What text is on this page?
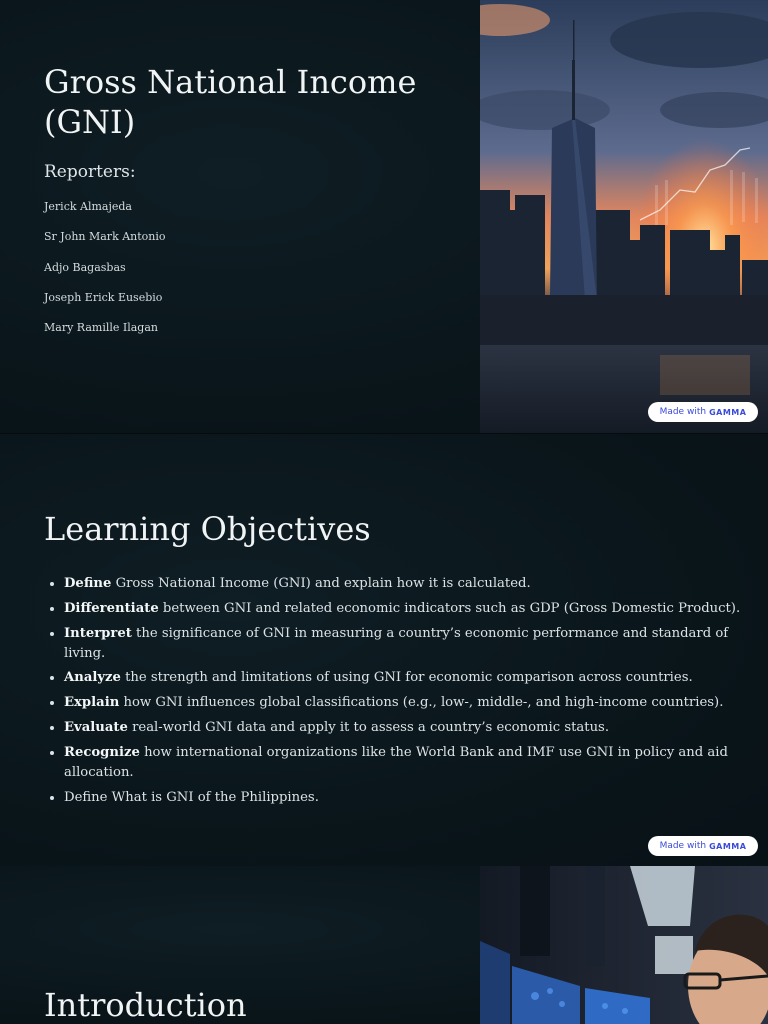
Gross National Income (GNI)
Reporters:
Jerick Almajeda
Sr John Mark Antonio
Adjo Bagasbas
Joseph Erick Eusebio
Mary Ramille Ilagan
Made with GAMMA
Learning Objectives
• Define Gross National Income (GNI) and explain how it is calculated.
• Differentiate between GNI and related economic indicators such as GDP (Gross Domestic Product).
• Interpret the significance of GNI in measuring a country’s economic performance and standard of living.
• Analyze the strength and limitations of using GNI for economic comparison across countries.
• Explain how GNI influences global classifications (e.g., low-, middle-, and high-income countries).
• Evaluate real-world GNI data and apply it to assess a country’s economic status.
• Recognize how international organizations like the World Bank and IMF use GNI in policy and aid allocation.
• Define What is GNI of the Philippines.
Made with GAMMA
Introduction
